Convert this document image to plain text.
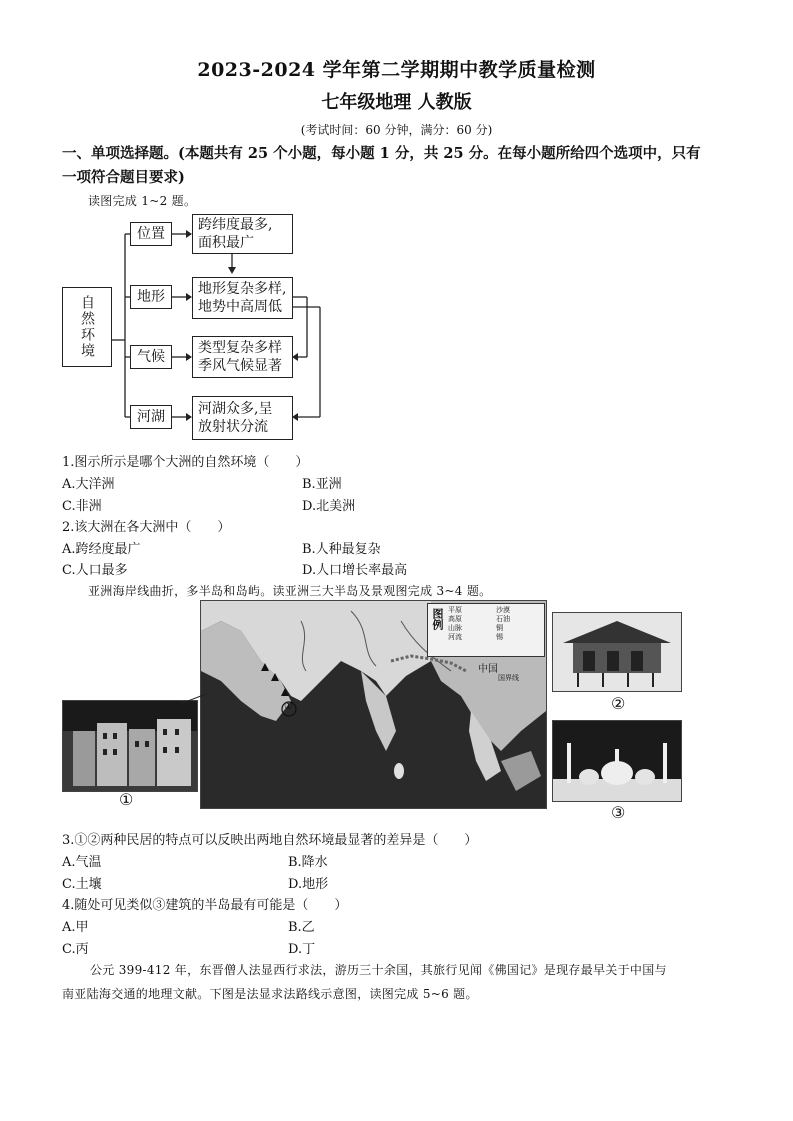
2023-2024 学年第二学期期中教学质量检测
七年级地理 人教版
(考试时间：60 分钟，满分：60 分)
一、单项选择题。(本题共有 25 个小题，每小题 1 分，共 25 分。在每小题所给四个选项中，只有
一项符合题目要求)
读图完成 1~2 题。
自然环境
位置
地形
气候
河湖
跨纬度最多,
面积最广
地形复杂多样,
地势中高周低
类型复杂多样
季风气候显著
河湖众多,呈
放射状分流
1.图示所示是哪个大洲的自然环境（　　）
A.大洋洲	B.亚洲
C.非洲	D.北美洲
2.该大洲在各大洲中（　　）
A.跨经度最广	B.人种最复杂
C.人口最多	D.人口增长率最高
亚洲海岸线曲折，多半岛和岛屿。读亚洲三大半岛及景观图完成 3~4 题。
①
图例 平原	沙漠
高原	石油
山脉	铜
河流	锡
中国
国界线
①
②
③
3.①②两种民居的特点可以反映出两地自然环境最显著的差异是（　　）
A.气温	B.降水
C.土壤	D.地形
4.随处可见类似③建筑的半岛最有可能是（　　）
A.甲	B.乙
C.丙	D.丁
公元 399-412 年，东晋僧人法显西行求法，游历三十余国，其旅行见闻《佛国记》是现存最早关于中国与
南亚陆海交通的地理文献。下图是法显求法路线示意图，读图完成 5~6 题。
